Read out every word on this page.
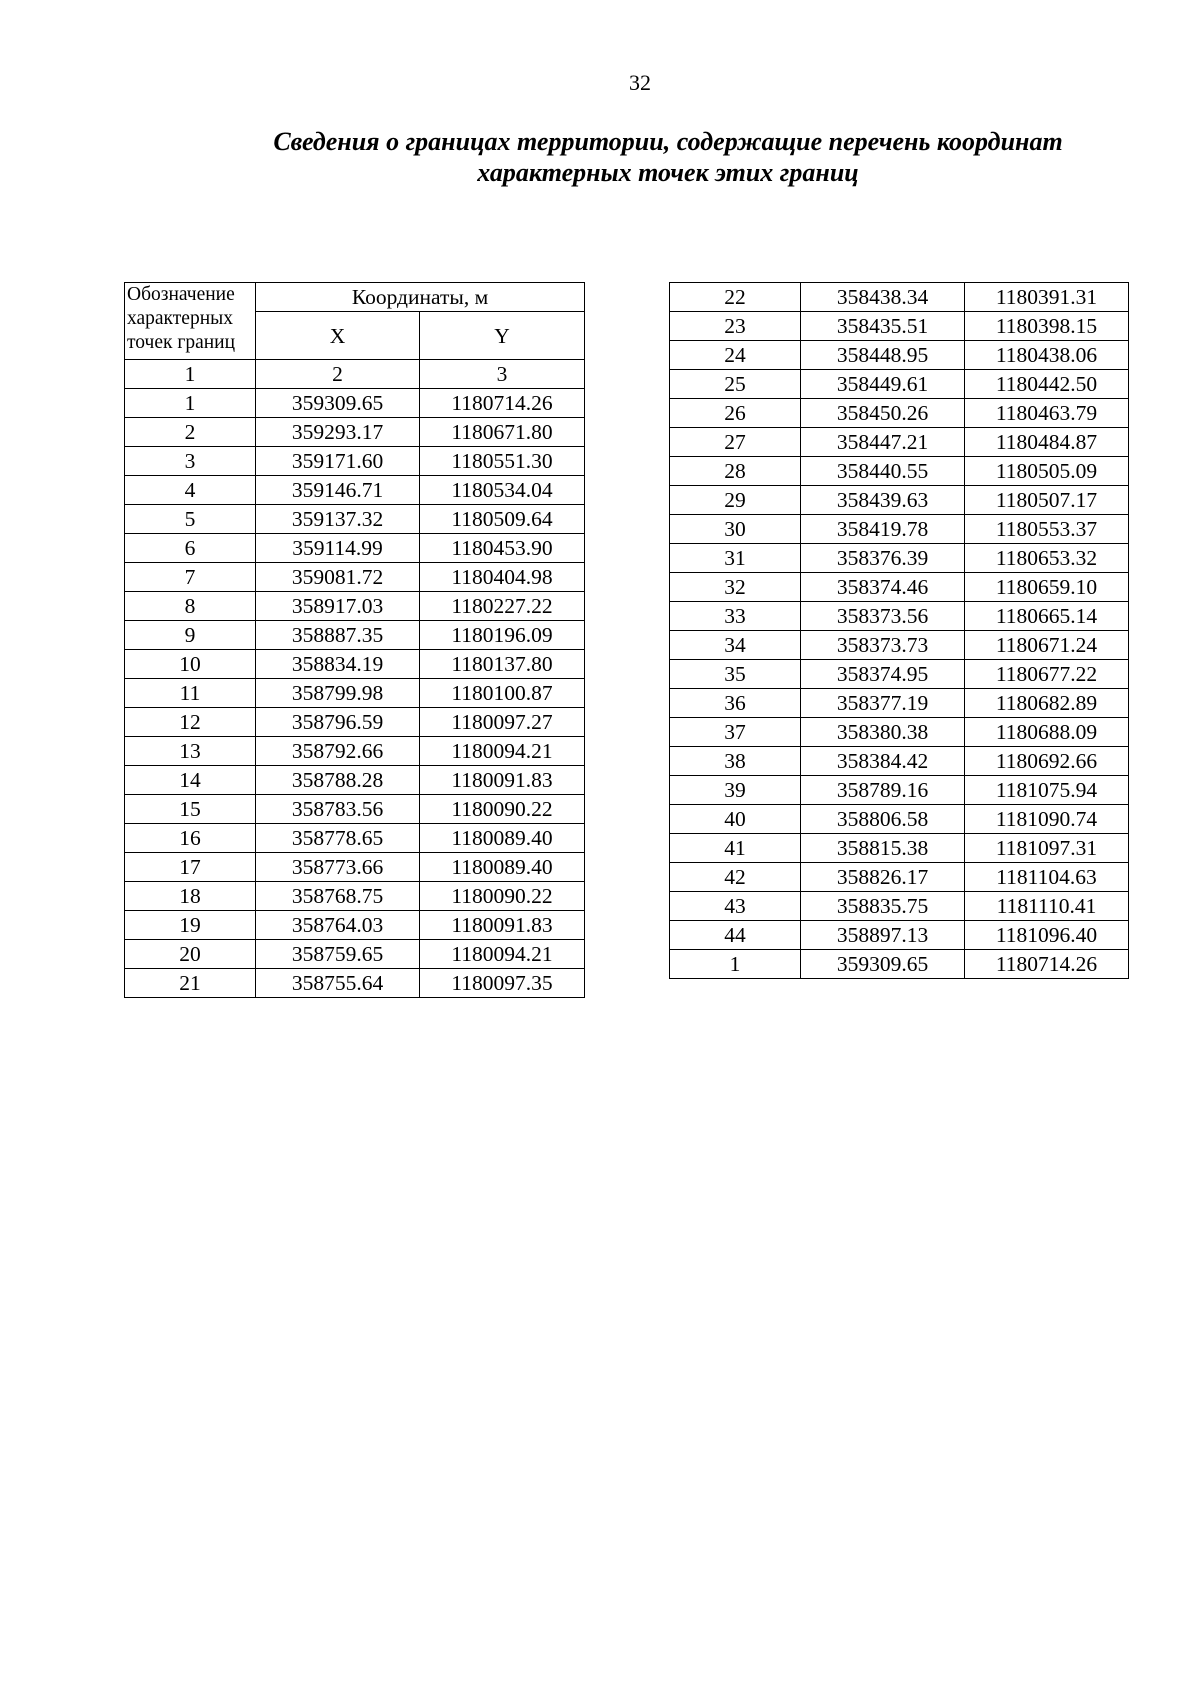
32
Сведения о границах территории, содержащие перечень координат
характерных точек этих границ
Обозначение
характерных
точек границ	Координаты, м	
	X	Y
1	2	3
1	359309.65	1180714.26
2	359293.17	1180671.80
3	359171.60	1180551.30
4	359146.71	1180534.04
5	359137.32	1180509.64
6	359114.99	1180453.90
7	359081.72	1180404.98
8	358917.03	1180227.22
9	358887.35	1180196.09
10	358834.19	1180137.80
11	358799.98	1180100.87
12	358796.59	1180097.27
13	358792.66	1180094.21
14	358788.28	1180091.83
15	358783.56	1180090.22
16	358778.65	1180089.40
17	358773.66	1180089.40
18	358768.75	1180090.22
19	358764.03	1180091.83
20	358759.65	1180094.21
21	358755.64	1180097.35
22	358438.34	1180391.31
23	358435.51	1180398.15
24	358448.95	1180438.06
25	358449.61	1180442.50
26	358450.26	1180463.79
27	358447.21	1180484.87
28	358440.55	1180505.09
29	358439.63	1180507.17
30	358419.78	1180553.37
31	358376.39	1180653.32
32	358374.46	1180659.10
33	358373.56	1180665.14
34	358373.73	1180671.24
35	358374.95	1180677.22
36	358377.19	1180682.89
37	358380.38	1180688.09
38	358384.42	1180692.66
39	358789.16	1181075.94
40	358806.58	1181090.74
41	358815.38	1181097.31
42	358826.17	1181104.63
43	358835.75	1181110.41
44	358897.13	1181096.40
1	359309.65	1180714.26
